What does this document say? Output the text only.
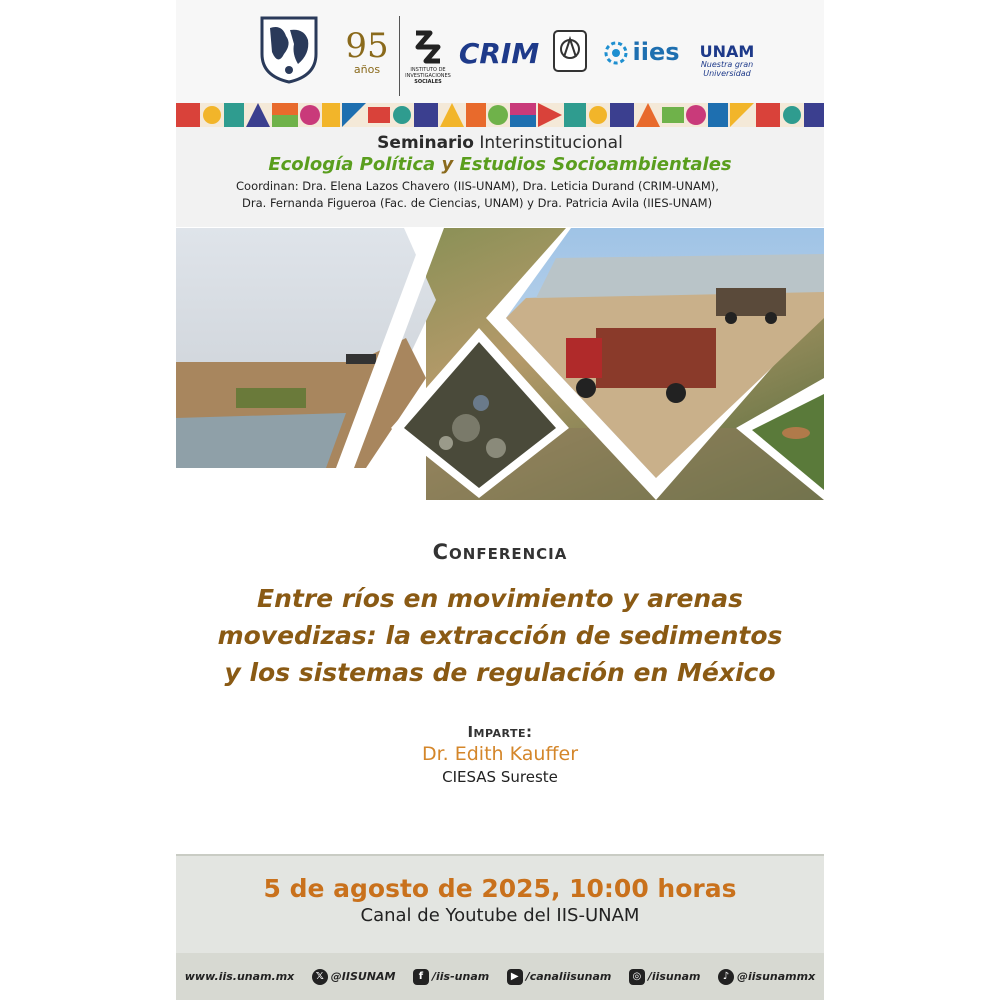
95
años	INSTITUTO DE
INVESTIGACIONES
SOCIALES
CRIM	iies UNAM
Nuestra gran
Universidad
Seminario Interinstitucional
Ecología Política y Estudios Socioambientales
Coordinan: Dra. Elena Lazos Chavero (IIS-UNAM), Dra. Leticia Durand (CRIM-UNAM),
Dra. Fernanda Figueroa (Fac. de Ciencias, UNAM) y Dra. Patricia Avila (IIES-UNAM)
Conferencia
Entre ríos en movimiento y arenas
movedizas: la extracción de sedimentos
y los sistemas de regulación en México
Imparte:
Dr. Edith Kauffer
CIESAS Sureste
5 de agosto de 2025, 10:00 horas
Canal de Youtube del IIS-UNAM
www.iis.unam.mx	𝕏 @IISUNAM	f /iis-unam	▶ /canaliisunam	◎ /iisunam	♪ @iisunammx
